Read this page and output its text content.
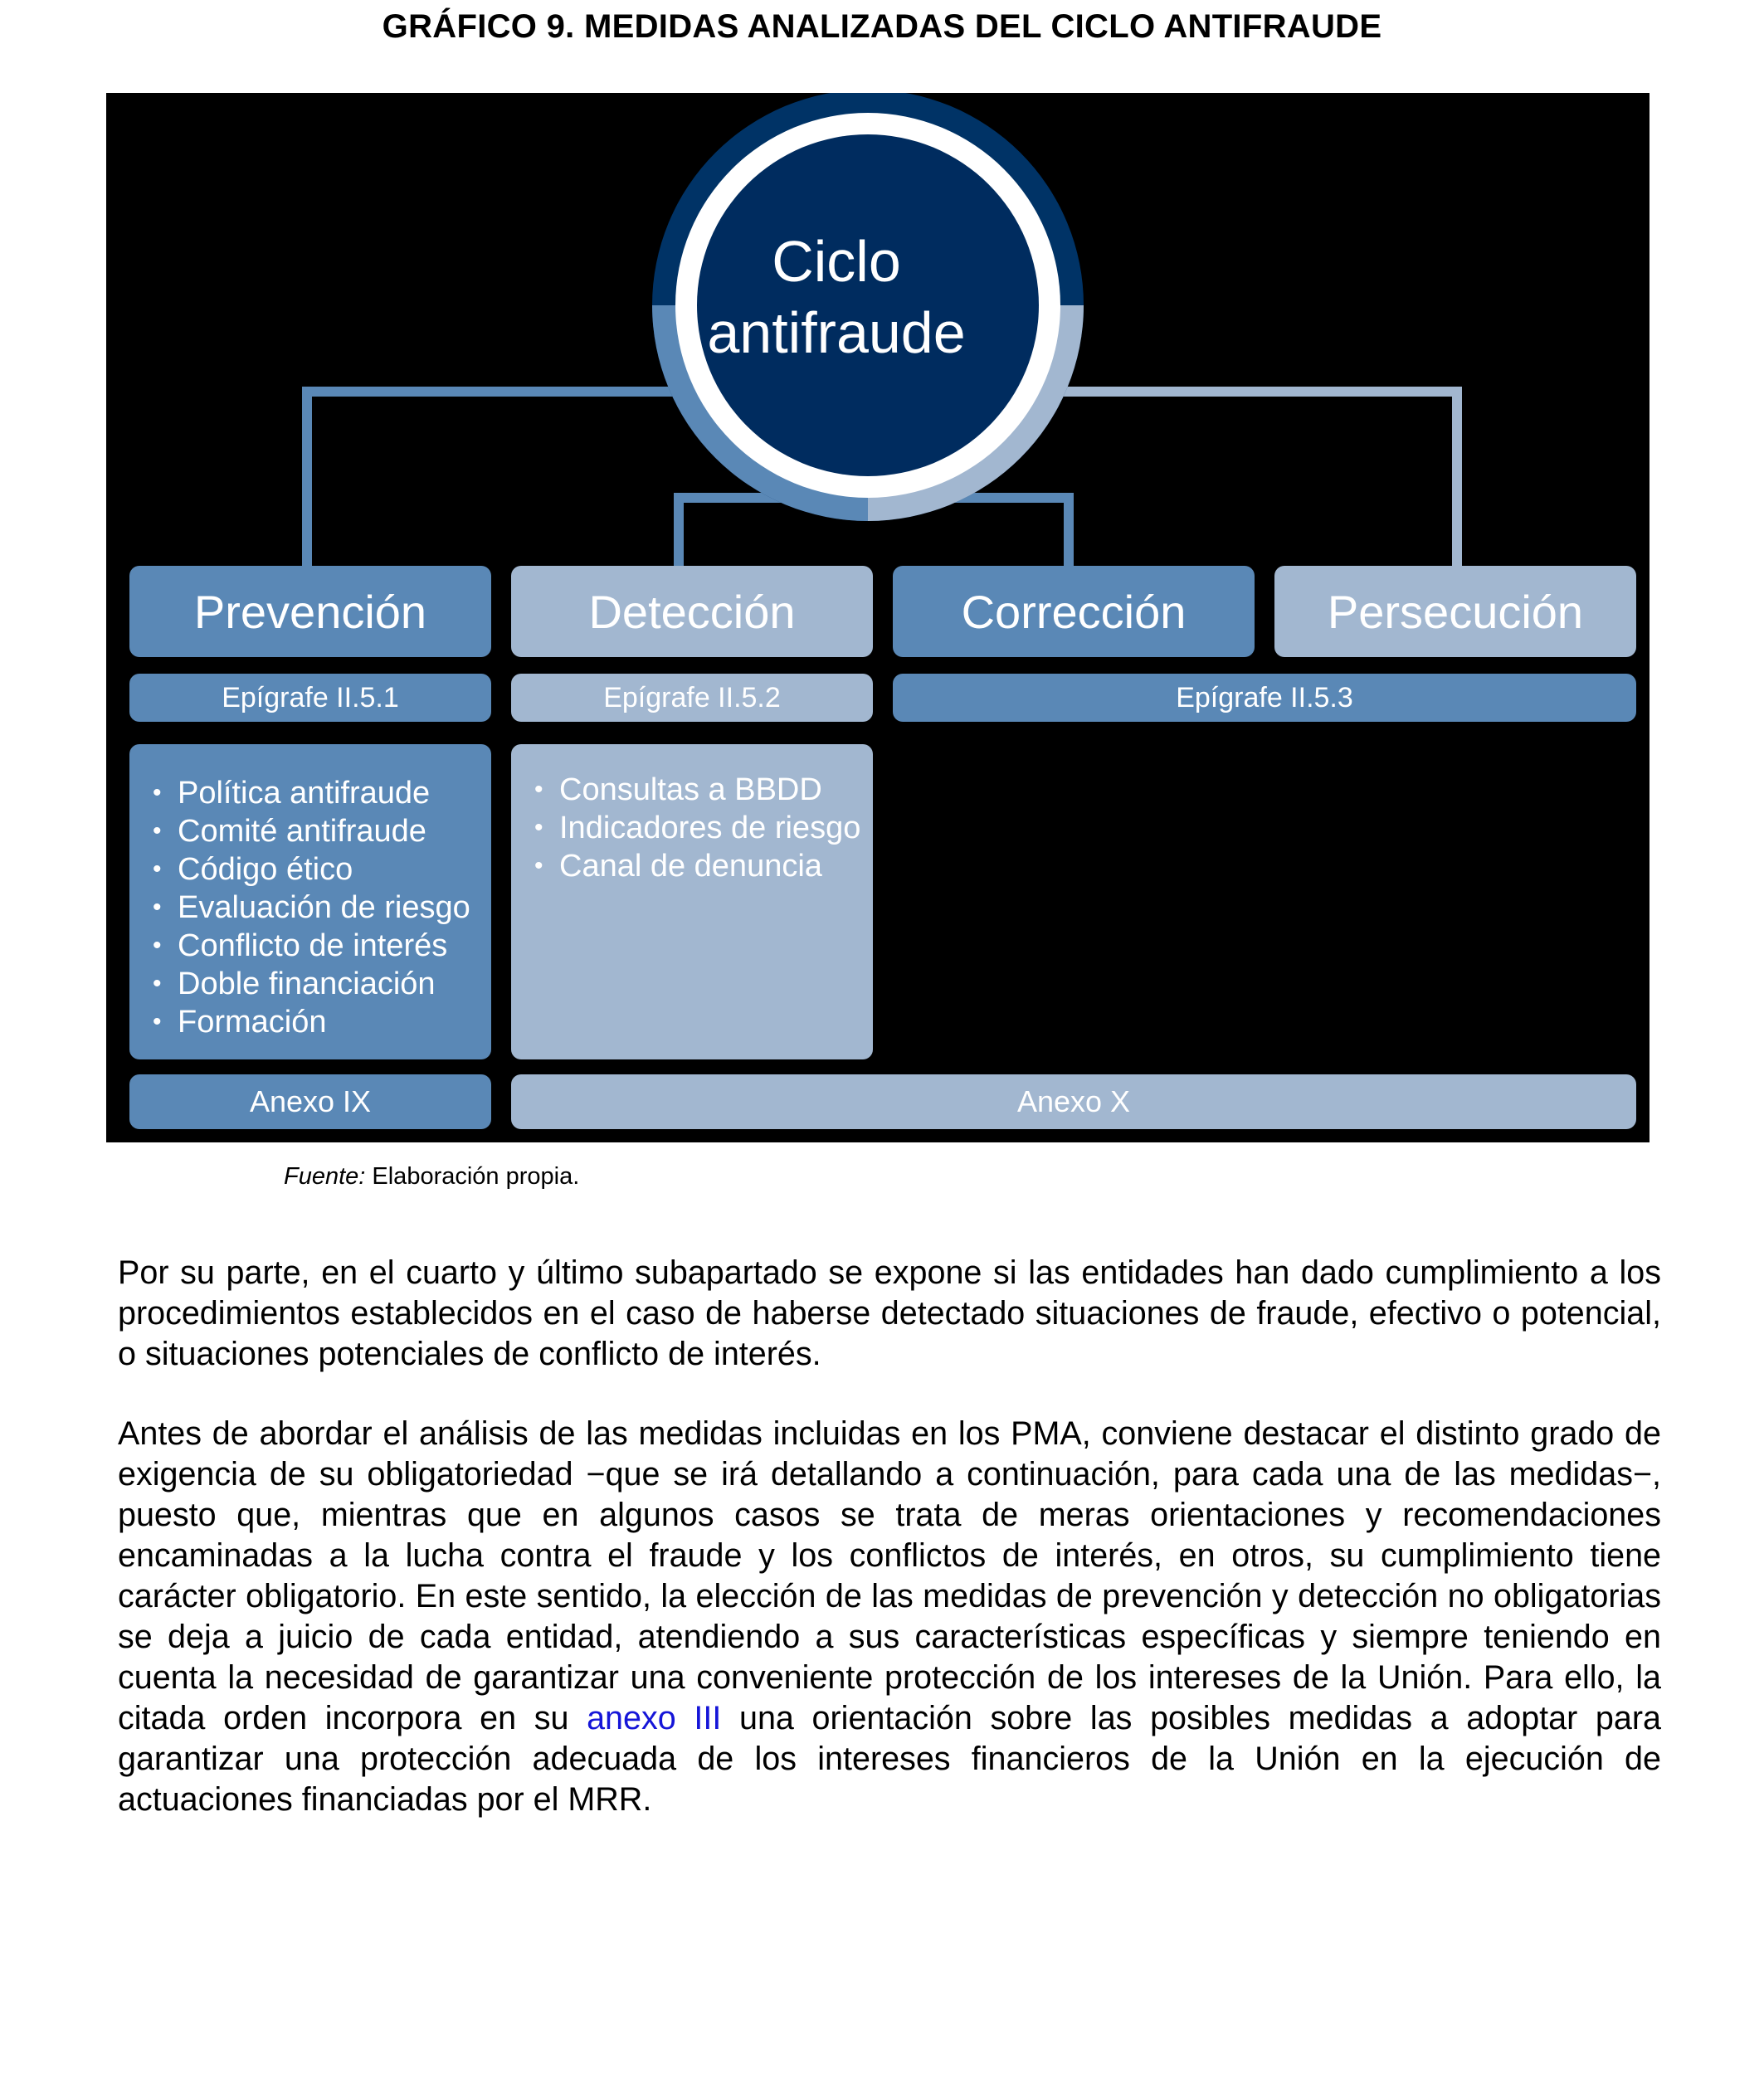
GRÁFICO 9. MEDIDAS ANALIZADAS DEL CICLO ANTIFRAUDE
Ciclo
antifraude
Prevención	Detección	Corrección	Persecución
Epígrafe II.5.1	Epígrafe II.5.2	Epígrafe II.5.3
• Política antifraude
• Comité antifraude
• Código ético
• Evaluación de riesgo
• Conflicto de interés
• Doble financiación
• Formación
• Consultas a BBDD
• Indicadores de riesgo
• Canal de denuncia
Anexo IX	Anexo X
Fuente: Elaboración propia.

Por su parte, en el cuarto y último subapartado se expone si las entidades han dado cumplimiento a los procedimientos establecidos en el caso de haberse detectado situaciones de fraude, efectivo o potencial, o situaciones potenciales de conflicto de interés.

Antes de abordar el análisis de las medidas incluidas en los PMA, conviene destacar el distinto grado de exigencia de su obligatoriedad −que se irá detallando a continuación, para cada una de las medidas−, puesto que, mientras que en algunos casos se trata de meras orientaciones y recomendaciones encaminadas a la lucha contra el fraude y los conflictos de interés, en otros, su cumplimiento tiene carácter obligatorio. En este sentido, la elección de las medidas de prevención y detección no obligatorias se deja a juicio de cada entidad, atendiendo a sus características específicas y siempre teniendo en cuenta la necesidad de garantizar una conveniente protección de los intereses de la Unión. Para ello, la citada orden incorpora en su anexo III una orientación sobre las posibles medidas a adoptar para garantizar una protección adecuada de los intereses financieros de la Unión en la ejecución de actuaciones financiadas por el MRR.
